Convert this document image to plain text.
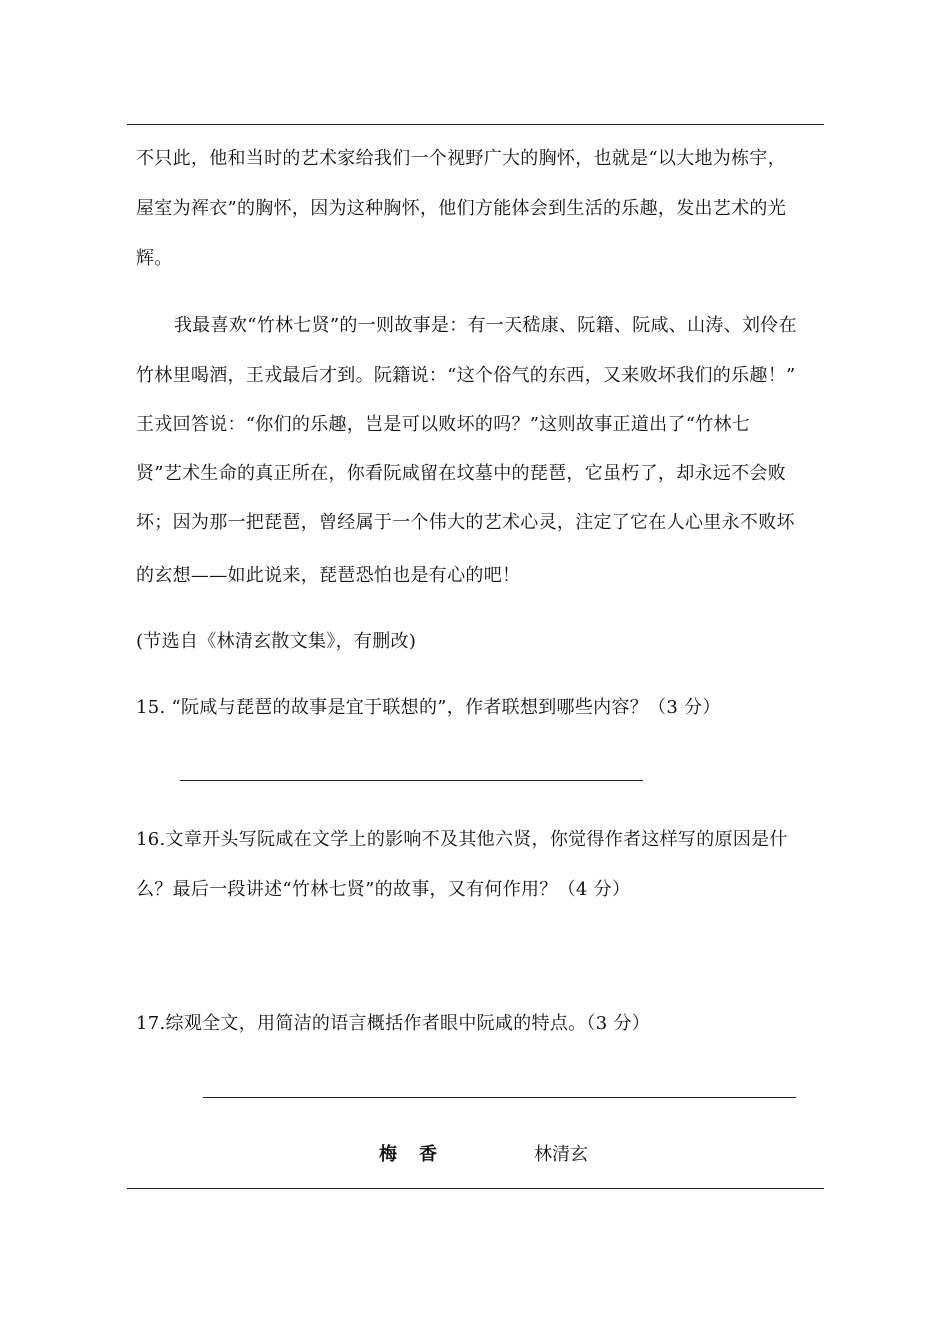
不只此，他和当时的艺术家给我们一个视野广大的胸怀，也就是“以大地为栋宇，
屋室为裈衣”的胸怀，因为这种胸怀，他们方能体会到生活的乐趣，发出艺术的光
辉。
我最喜欢“竹林七贤”的一则故事是：有一天嵇康、阮籍、阮咸、山涛、刘伶在
竹林里喝酒，王戎最后才到。阮籍说：“这个俗气的东西，又来败坏我们的乐趣！”
王戎回答说：“你们的乐趣，岂是可以败坏的吗？”这则故事正道出了“竹林七
贤”艺术生命的真正所在，你看阮咸留在坟墓中的琵琶，它虽朽了，却永远不会败
坏；因为那一把琵琶，曾经属于一个伟大的艺术心灵，注定了它在人心里永不败坏
的玄想——如此说来，琵琶恐怕也是有心的吧！
(节选自《林清玄散文集》，有删改)
15. “阮咸与琵琶的故事是宜于联想的”，作者联想到哪些内容？（3 分）
16.文章开头写阮咸在文学上的影响不及其他六贤，你觉得作者这样写的原因是什
么？最后一段讲述“竹林七贤”的故事，又有何作用？（4 分）
17.综观全文，用简洁的语言概括作者眼中阮咸的特点。（3 分）
梅香	林清玄
